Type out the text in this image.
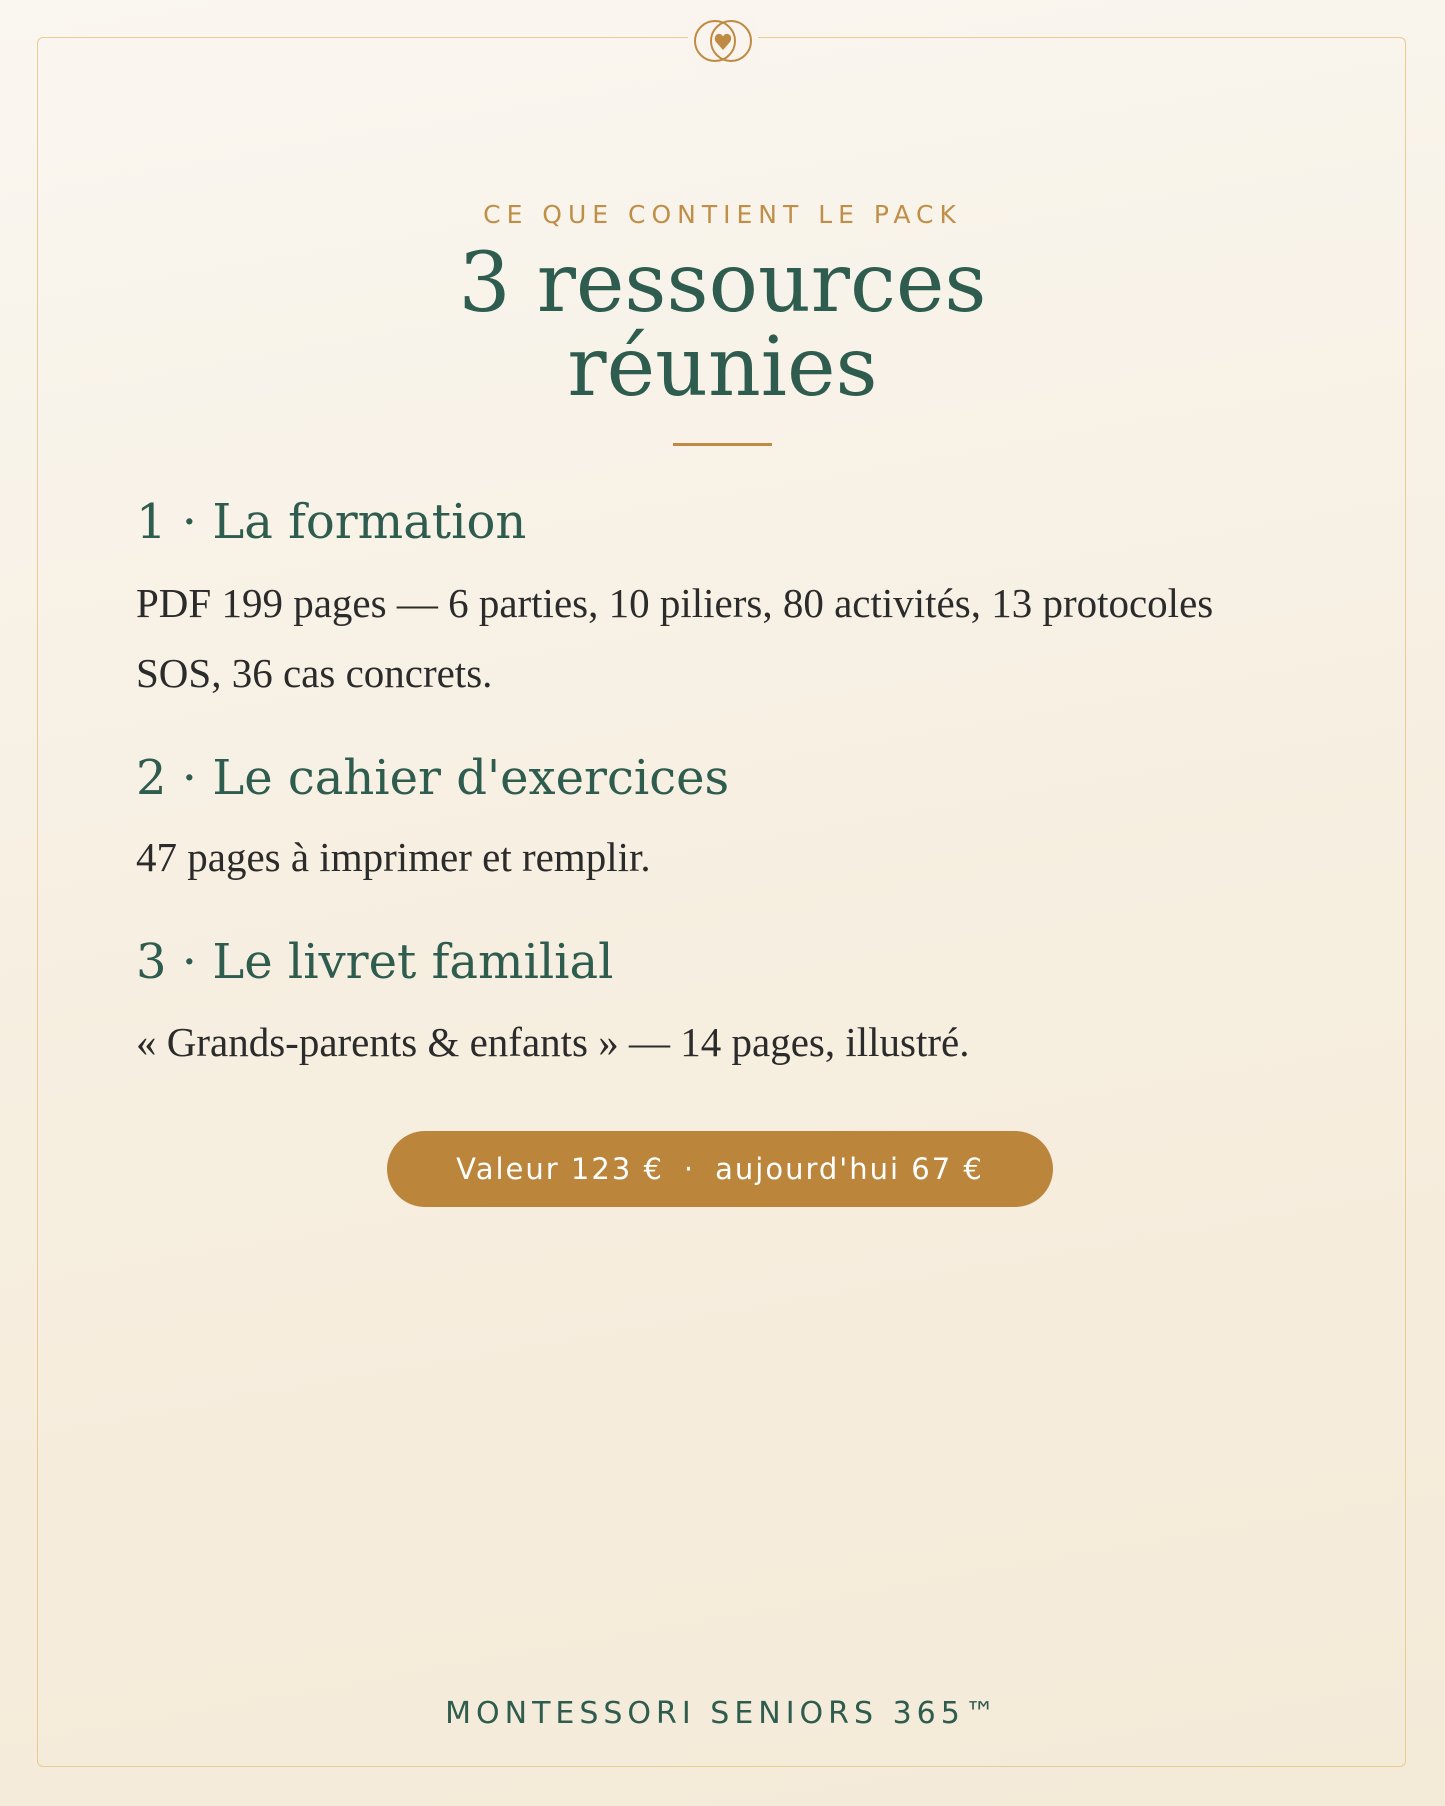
CE QUE CONTIENT LE PACK
3 ressources
réunies
1 · La formation
PDF 199 pages — 6 parties, 10 piliers, 80 activités, 13 protocoles SOS, 36 cas concrets.
2 · Le cahier d'exercices
47 pages à imprimer et remplir.
3 · Le livret familial
« Grands-parents & enfants » — 14 pages, illustré.
Valeur 123 € · aujourd'hui 67 €
MONTESSORI SENIORS 365™
